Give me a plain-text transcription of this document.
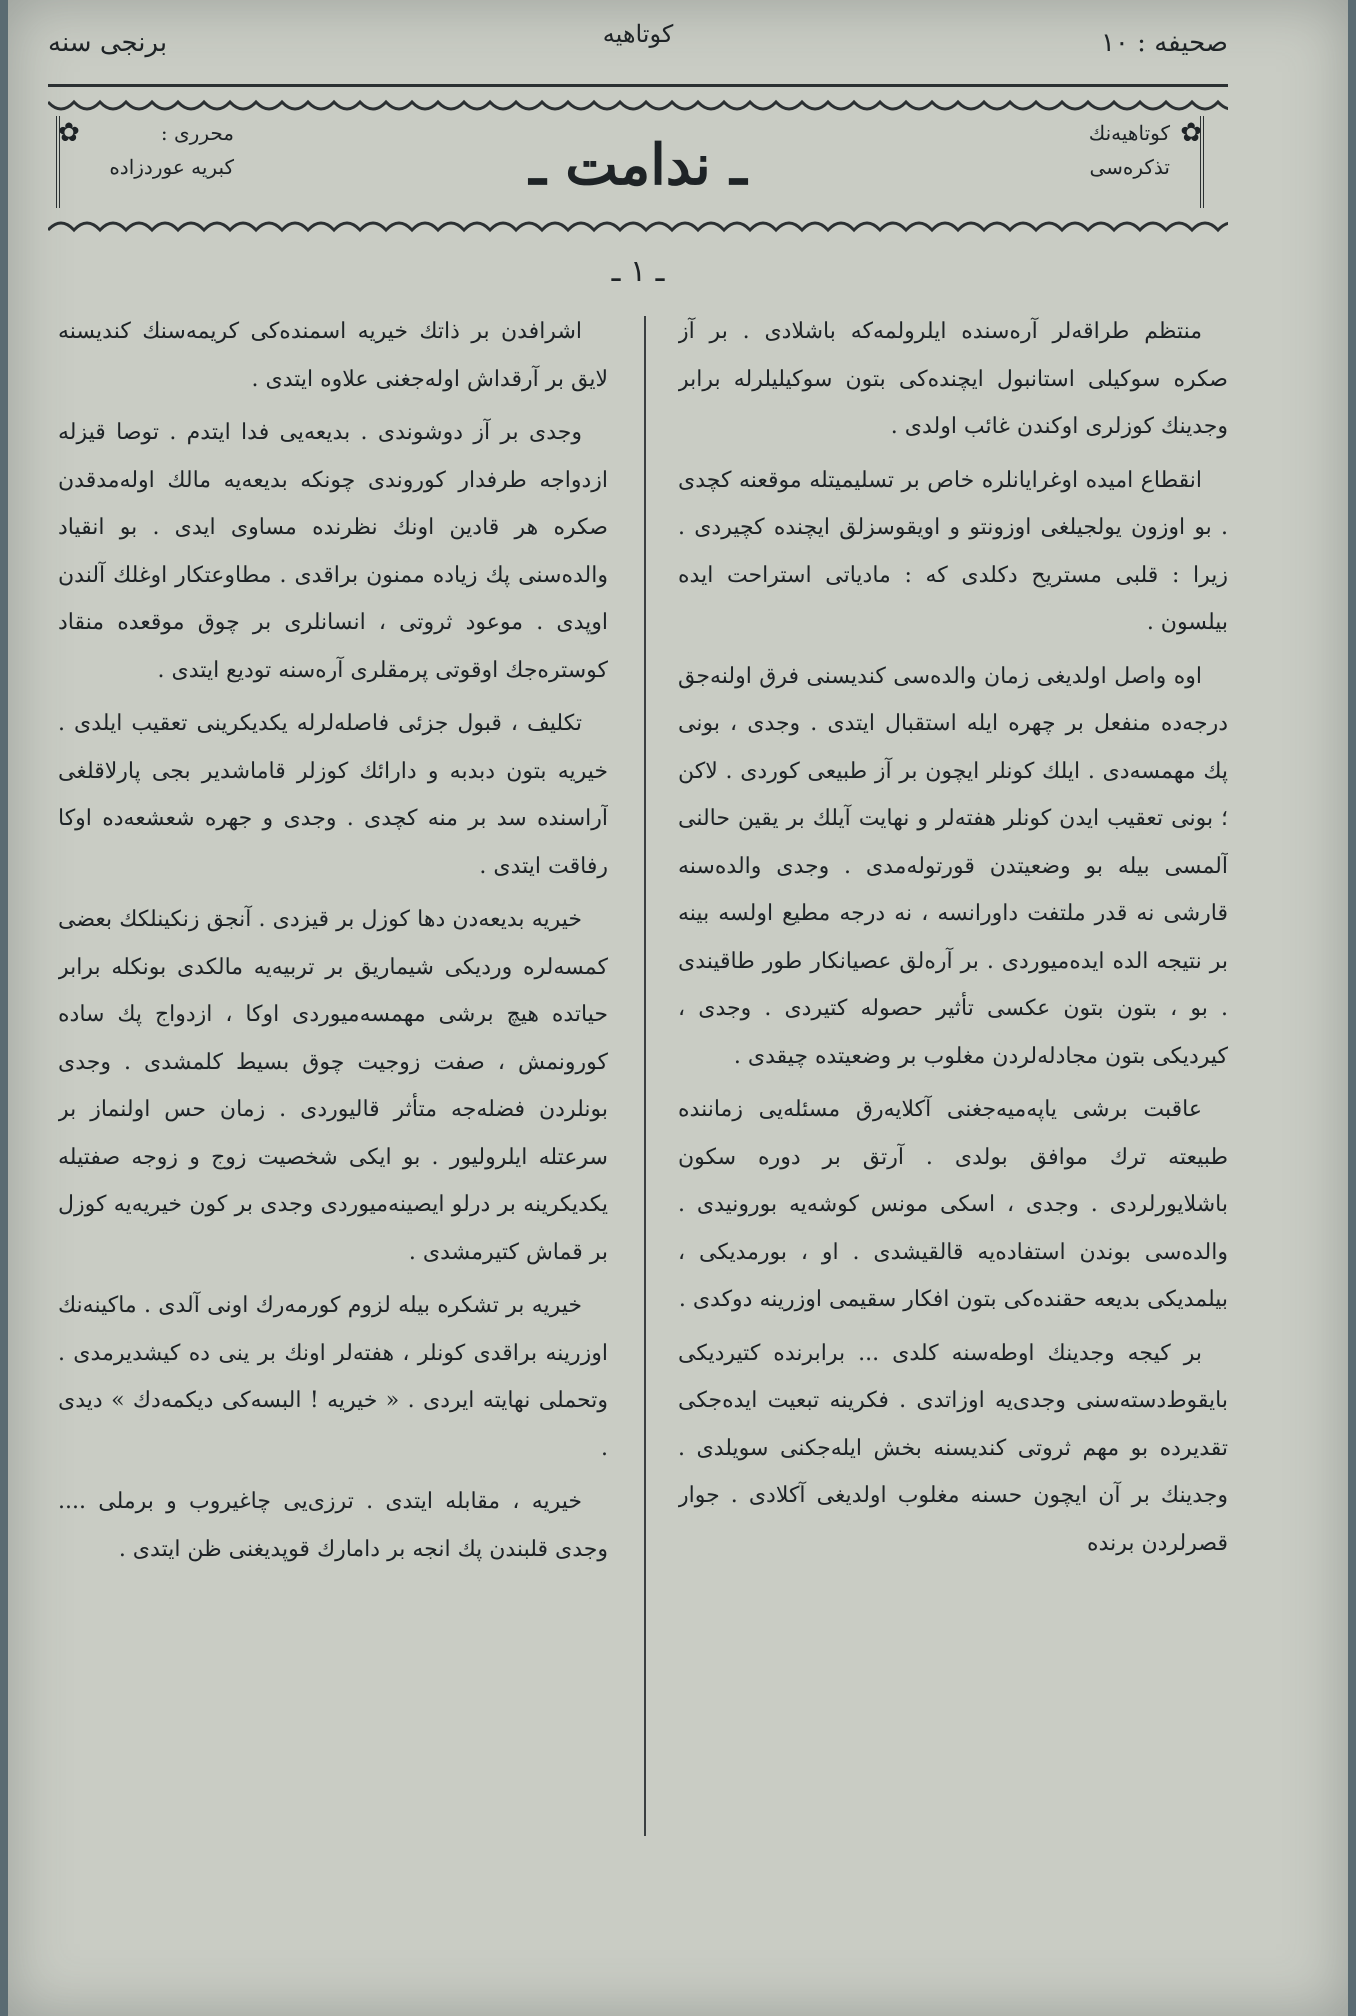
صحیفه : ۱۰
كوتاهیه
برنجی سنه
✿
كوتاهیه‌نك
تذكره‌سی
ـ ندامت ـ
✿	محرری :
كبریه عوردزاده
ـ ۱ ـ

منتظم طراقه‌لر آره‌سنده ایلرولمه‌كه باشلادی . بر آز صكره سوكیلی استانبول ایچنده‌كی بتون سوكیلیلرله برابر وجدینك كوزلری اوكندن غائب اولدی .

انقطاع امیده اوغرایانلره خاص بر تسلیمیتله موقعنه كچدی . بو اوزون یولجیلغی اوزونتو و اویقوسزلق ایچنده كچیردی . زیرا : قلبی مستریح دكلدی كه : مادیاتی استراحت ایده بیلسون .

اوه واصل اولدیغی زمان والده‌سی كندیسنی فرق اولنه‌جق درجه‌ده منفعل بر چهره ایله استقبال ایتدی . وجدی ، بونی پك مهمسه‌دی . ایلك كونلر ایچون بر آز طبیعی كوردی . لاكن ؛ بونی تعقیب ایدن كونلر هفته‌لر و نهایت آیلك بر یقین حالنی آلمسی بیله بو وضعیتدن قورتوله‌مدی . وجدی والده‌سنه قارشی نه قدر ملتفت داورانسه ، نه درجه مطیع اولسه بینه بر نتیجه الده ایده‌میوردی . بر آره‌لق عصیانكار طور طاقیندی . بو ، بتون بتون عكسی تأثیر حصوله كتیردی . وجدی ، كیردیكی بتون مجادله‌لردن مغلوب بر وضعیتده چیقدی .

عاقبت برشی یاپه‌میه‌جغنی آكلایه‌رق مسئله‌یی زماننده طبیعته ترك موافق بولدی . آرتق بر دوره سكون باشلایورلردی . وجدی ، اسكی مونس كوشه‌یه بورونیدی . والده‌سی بوندن استفاده‌یه قالقیشدی . او ، بورمدیكی ، بیلمدیكی بدیعه حقنده‌كی بتون افكار سقیمی اوزرینه دوكدی .

بر كیجه وجدینك اوطه‌سنه كلدی ... برابرنده كتیردیكی بایقوط‌دسته‌سنی وجدی‌یه اوزاتدی . فكرینه تبعیت ایده‌جكی تقدیرده بو مهم ثروتی كندیسنه بخش ایله‌جكنی سویلدی . وجدینك بر آن ایچون حسنه مغلوب اولدیغی آكلادی . جوار قصرلردن برنده

اشرافدن بر ذاتك خیریه اسمنده‌كی كریمه‌سنك كندیسنه لایق بر آرقداش اوله‌جغنی علاوه ایتدی .

وجدی بر آز دوشوندی . بدیعه‌یی فدا ایتدم . توصا قیزله ازدواجه طرفدار كوروندی چونكه بدیعه‌یه مالك اوله‌مدقدن صكره هر قادین اونك نظرنده مساوی ایدی . بو انقیاد والده‌سنی پك زیاده ممنون براقدی . مطاوعتكار اوغلك آلندن اوپدی . موعود ثروتی ، انسانلری بر چوق موقعده منقاد كوستره‌جك اوقوتی پرمقلری آره‌سنه تودیع ایتدی .

تكلیف ، قبول جزئی فاصله‌لرله یكدیكرینی تعقیب ایلدی . خیریه بتون دبدبه و دارائك كوزلر قاماشدیر بجی پارلاقلغی آراسنده سد بر منه كچدی . وجدی و جهره شعشعه‌ده اوكا رفاقت ایتدی .

خیریه بدیعه‌دن دها كوزل بر قیزدی . آنجق زنكینلكك بعضی كمسه‌لره وردیكی شیماریق بر تربیه‌یه مالكدی بونكله برابر حیاتده هیچ برشی مهمسه‌میوردی اوكا ، ازدواج پك ساده كورونمش ، صفت زوجیت چوق بسیط كلمشدی . وجدی بونلردن فضله‌جه متأثر قالیوردی . زمان حس اولنماز بر سرعتله ایلرولیور . بو ایكی شخصیت زوج و زوجه صفتیله یكدیكرینه بر درلو ایصینه‌میوردی وجدی بر كون خیریه‌یه كوزل بر قماش كتیرمشدی .

خیریه بر تشكره بیله لزوم كورمه‌رك اونی آلدی . ماكینه‌نك اوزرینه براقدی كونلر ، هفته‌لر اونك بر ینی ده كیشدیرمدی . وتحملی نهایته ایردی . « خیریه ! البسه‌كی دیكمه‌دك » دیدی .

خیریه ، مقابله ایتدی . ترزی‌یی چاغیروب و برملی .... وجدی قلبندن پك انجه بر دامارك قوپدیغنی ظن ایتدی .
